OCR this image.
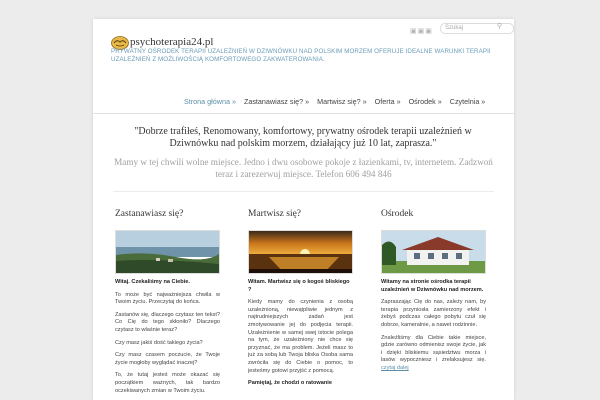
psychoterapia24.pl
PRYWATNY OŚRODEK TERAPII UZALEŻNIEŃ W DZIWNÓWKU NAD POLSKIM MORZEM OFERUJE IDEALNE WARUNKI TERAPII UZALEŻNIEŃ Z MOŻLIWOŚCIĄ KOMFORTOWEGO ZAKWATEROWANIA.
▣▣▣	Szukaj	⚲
Strona główna » Zastanawiasz się? » Martwisz się? » Oferta » Ośrodek » Czytelnia »
"Dobrze trafiłeś, Renomowany, komfortowy, prywatny ośrodek terapii uzależnień w Dziwnówku nad polskim morzem, działający już 10 lat, zaprasza."
Mamy w tej chwili wolne miejsce. Jedno i dwu osobowe pokoje z łazienkami, tv, internetem. Zadzwoń teraz i zarezerwuj miejsce. Telefon 606 494 846
Zastanawiasz się?

Witaj. Czekaliśmy na Ciebie.

To może być najważniejsza chwila w Twoim życiu. Przeczytaj do końca.

Zastanów się, dlaczego czytasz ten tekst? Co Cię do tego skłoniło? Dlaczego czytasz to właśnie teraz?

Czy masz jakiś dość takiego życia?

Czy masz czasem poczucie, że Twoje życie mogłoby wyglądać inaczej?

To, że tutaj jesteś może okazać się początkiem ważnych, tak bardzo oczekiwanych zmian w Twoim życiu.

Martwisz się?

Witam. Martwisz się o kogoś bliskiego ?

Kiedy mamy do czynienia z osobą uzależnioną, niewątpliwie jednym z najtrudniejszych zadań jest zmotywowanie jej do podjęcia terapii. Uzależnienie w samej swej istocie polega na tym, że uzależniony nie chce się przyznać, że ma problem. Jeżeli masz to już za sobą lub Twoja bliska Osoba sama zwróciła się do Ciebie o pomoc, to jesteśmy gotowi przyjść z pomocą.

Pamiętaj, że chodzi o ratowanie

Ośrodek

Witamy na stronie ośrodka terapii uzależnień w Dziwnówku nad morzem.

Zapraszając Cię do nas, zależy nam, by terapia przyniosła zamierzony efekt i żebyś podczas całego pobytu czuł się dobrze, kameralnie, a nawet rodzinnie.

Znaleźliśmy dla Ciebie takie miejsce, gdzie zarówno odmienisz swoje życie, jak i dzięki bliskiemu sąsiedztwu morza i lasów wypoczniesz i zrelaksujesz się. czytaj dalej
